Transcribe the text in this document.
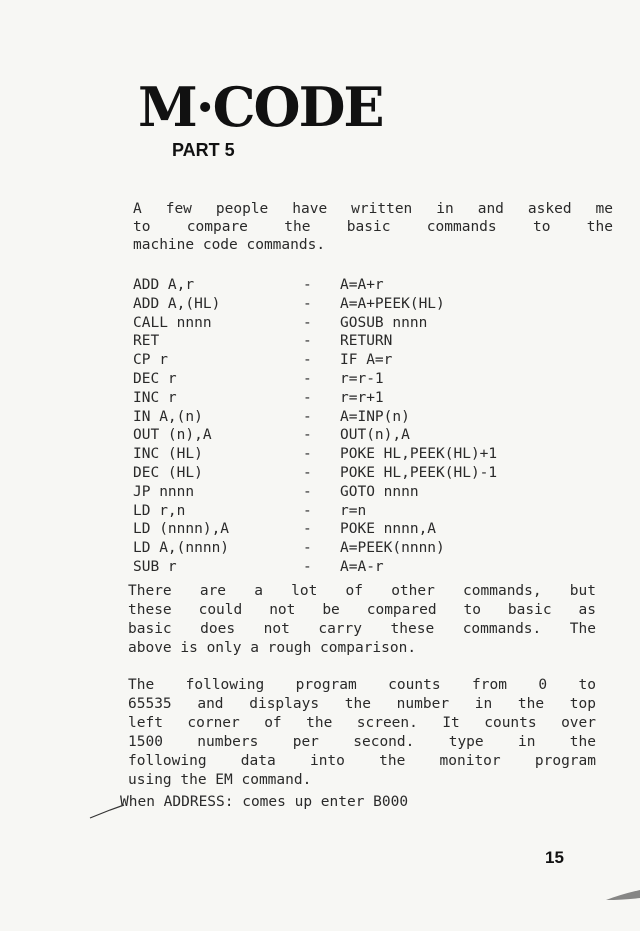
M·CODE
PART 5
A few people have written in and asked me
to compare the basic commands to the
machine code commands.
ADD A,r	- A=A+r
ADD A,(HL)	- A=A+PEEK(HL)
CALL nnnn	- GOSUB nnnn
RET	- RETURN
CP r	- IF A=r
DEC r	- r=r-1
INC r	- r=r+1
IN A,(n)	- A=INP(n)
OUT (n),A	- OUT(n),A
INC (HL)	- POKE HL,PEEK(HL)+1
DEC (HL)	- POKE HL,PEEK(HL)-1
JP nnnn	- GOTO nnnn
LD r,n	- r=n
LD (nnnn),A	- POKE nnnn,A
LD A,(nnnn)	- A=PEEK(nnnn)
SUB r	- A=A-r
There are a lot of other commands, but
these could not be compared to basic as
basic does not carry these commands. The
above is only a rough comparison.
The following program counts from 0 to
65535 and displays the number in the top
left corner of the screen. It counts over
1500 numbers per second. type in the
following data into the monitor program
using the EM command.
When ADDRESS: comes up enter B000
15
